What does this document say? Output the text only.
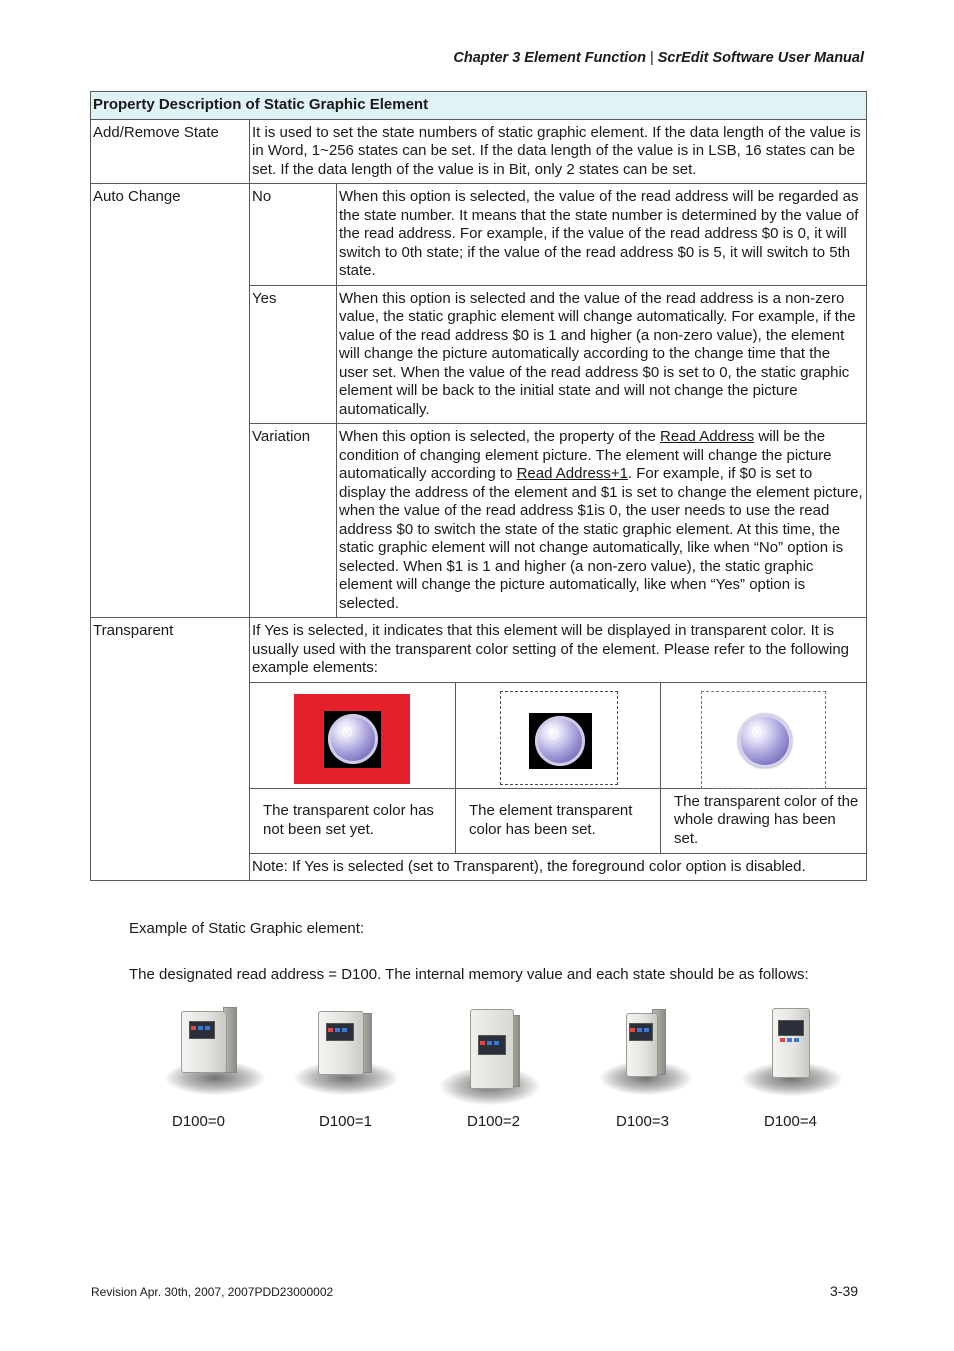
Chapter 3 Element Function | ScrEdit Software User Manual
Property Description of Static Graphic Element				
Add/Remove State	It is used to set the state numbers of static graphic element. If the data length of the value is in Word, 1~256 states can be set. If the data length of the value is in LSB, 16 states can be set. If the data length of the value is in Bit, only 2 states can be set.			
Auto Change	No	When this option is selected, the value of the read address will be regarded as the state number. It means that the state number is determined by the value of the read address. For example, if the value of the read address $0 is 0, it will switch to 0th state; if the value of the read address $0 is 5, it will switch to 5th state.		
	Yes	When this option is selected and the value of the read address is a non-zero value, the static graphic element will change automatically. For example, if the value of the read address $0 is 1 and higher (a non-zero value), the element will change the picture automatically according to the change time that the user set. When the value of the read address $0 is set to 0, the static graphic element will be back to the initial state and will not change the picture automatically.		
	Variation	When this option is selected, the property of the Read Address will be the condition of changing element picture. The element will change the picture automatically according to Read Address+1. For example, if $0 is set to display the address of the element and $1 is set to change the element picture, when the value of the read address $1is 0, the user needs to use the read address $0 to switch the state of the static graphic element. At this time, the static graphic element will not change automatically, like when “No” option is selected. When $1 is 1 and higher (a non-zero value), the static graphic element will change the picture automatically, like when “Yes” option is selected.		
Transparent	If Yes is selected, it indicates that this element will be displayed in transparent color. It is usually used with the transparent color setting of the element. Please refer to the following example elements:			

	The transparent color has not been set yet.		The element transparent color has been set.	The transparent color of the whole drawing has been set.
	Note: If Yes is selected (set to Transparent), the foreground color option is disabled.			
Example of Static Graphic element:
The designated read address = D100. The internal memory value and each state should be as follows:
D100=0	D100=1	D100=2	D100=3	D100=4
Revision Apr. 30th, 2007, 2007PDD23000002	3-39
